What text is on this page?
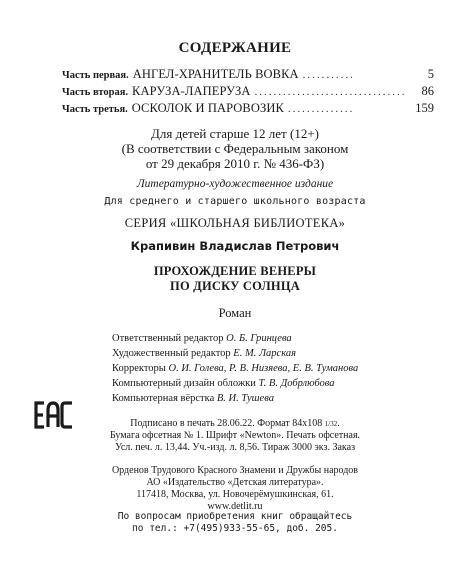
СОДЕРЖАНИЕ
Часть первая. АНГЕЛ-ХРАНИТЕЛЬ ВОВКА ...........	5
Часть вторая. КАРУЗА-ЛАПЕРУЗА ................................	86
Часть третья. ОСКОЛОК И ПАРОВОЗИК ..............	159
Для детей старше 12 лет (12+)
(В соответствии с Федеральным законом
от 29 декабря 2010 г. № 436-ФЗ)
Литературно-художественное издание
Для среднего и старшего школьного возраста
СЕРИЯ «ШКОЛЬНАЯ БИБЛИОТЕКА»
Крапивин Владислав Петрович
ПРОХОЖДЕНИЕ ВЕНЕРЫ
ПО ДИСКУ СОЛНЦА
Роман
Ответственный редактор О. Б. Гринцева
Художественный редактор Е. М. Ларская
Корректоры О. И. Голева, Р. В. Низяева, Е. В. Туманова
Компьютерный дизайн обложки Т. В. Добрлюбова
Компьютерная вёрстка В. И. Тушева
Подписано в печать 28.06.22. Формат 84x108 1/32.
Бумага офсетная № 1. Шрифт «Newton». Печать офсетная.
Усл. печ. л. 13,44. Уч.-изд. л. 8,56. Тираж 3000 экз. Заказ
Орденов Трудового Красного Знамени и Дружбы народов
АО «Издательство «Детская литература».
117418, Москва, ул. Новочерёмушкинская, 61.
www.detlit.ru
По вопросам приобретения книг обращайтесь
по тел.: +7(495)933-55-65, доб. 205.
